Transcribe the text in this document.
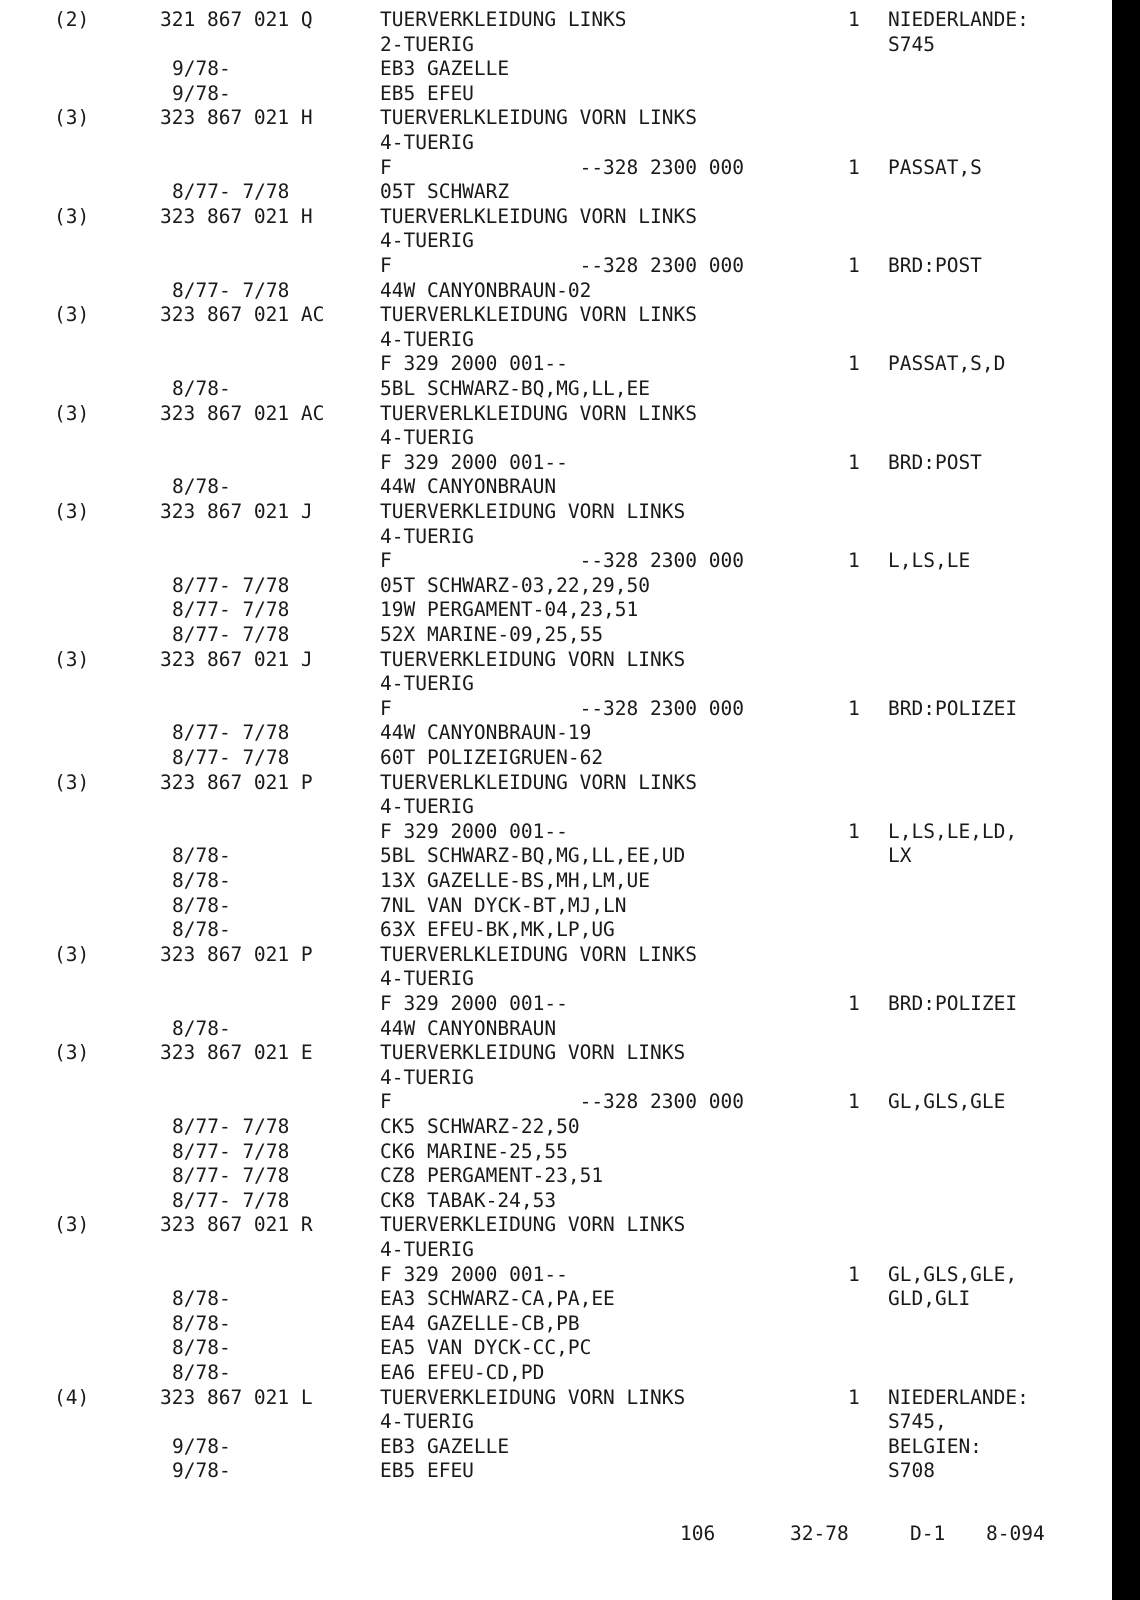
(2)	321 867 021 Q	TUERVERKLEIDUNG LINKS	1 NIEDERLANDE:
2-TUERIG	S745
9/78-	EB3 GAZELLE
9/78-	EB5 EFEU
(3)	323 867 021 H	TUERVERLKLEIDUNG VORN LINKS
4-TUERIG
F                --328 2300 000	1 PASSAT,S
8/77- 7/78	05T SCHWARZ
(3)	323 867 021 H	TUERVERLKLEIDUNG VORN LINKS
4-TUERIG
F                --328 2300 000	1 BRD:POST
8/77- 7/78	44W CANYONBRAUN-02
(3)	323 867 021 AC	TUERVERLKLEIDUNG VORN LINKS
4-TUERIG
F 329 2000 001--	1 PASSAT,S,D
8/78-	5BL SCHWARZ-BQ,MG,LL,EE
(3)	323 867 021 AC	TUERVERLKLEIDUNG VORN LINKS
4-TUERIG
F 329 2000 001--	1 BRD:POST
8/78-	44W CANYONBRAUN
(3)	323 867 021 J	TUERVERKLEIDUNG VORN LINKS
4-TUERIG
F                --328 2300 000	1 L,LS,LE
8/77- 7/78	05T SCHWARZ-03,22,29,50
8/77- 7/78	19W PERGAMENT-04,23,51
8/77- 7/78	52X MARINE-09,25,55
(3)	323 867 021 J	TUERVERKLEIDUNG VORN LINKS
4-TUERIG
F                --328 2300 000	1 BRD:POLIZEI
8/77- 7/78	44W CANYONBRAUN-19
8/77- 7/78	60T POLIZEIGRUEN-62
(3)	323 867 021 P	TUERVERLKLEIDUNG VORN LINKS
4-TUERIG
F 329 2000 001--	1 L,LS,LE,LD,
8/78-	5BL SCHWARZ-BQ,MG,LL,EE,UD	LX
8/78-	13X GAZELLE-BS,MH,LM,UE
8/78-	7NL VAN DYCK-BT,MJ,LN
8/78-	63X EFEU-BK,MK,LP,UG
(3)	323 867 021 P	TUERVERLKLEIDUNG VORN LINKS
4-TUERIG
F 329 2000 001--	1 BRD:POLIZEI
8/78-	44W CANYONBRAUN
(3)	323 867 021 E	TUERVERKLEIDUNG VORN LINKS
4-TUERIG
F                --328 2300 000	1 GL,GLS,GLE
8/77- 7/78	CK5 SCHWARZ-22,50
8/77- 7/78	CK6 MARINE-25,55
8/77- 7/78	CZ8 PERGAMENT-23,51
8/77- 7/78	CK8 TABAK-24,53
(3)	323 867 021 R	TUERVERKLEIDUNG VORN LINKS
4-TUERIG
F 329 2000 001--	1 GL,GLS,GLE,
8/78-	EA3 SCHWARZ-CA,PA,EE	GLD,GLI
8/78-	EA4 GAZELLE-CB,PB
8/78-	EA5 VAN DYCK-CC,PC
8/78-	EA6 EFEU-CD,PD
(4)	323 867 021 L	TUERVERKLEIDUNG VORN LINKS	1 NIEDERLANDE:
4-TUERIG	S745,
9/78-	EB3 GAZELLE	BELGIEN:
9/78-	EB5 EFEU	S708
106	32-78	D-1 8-094
